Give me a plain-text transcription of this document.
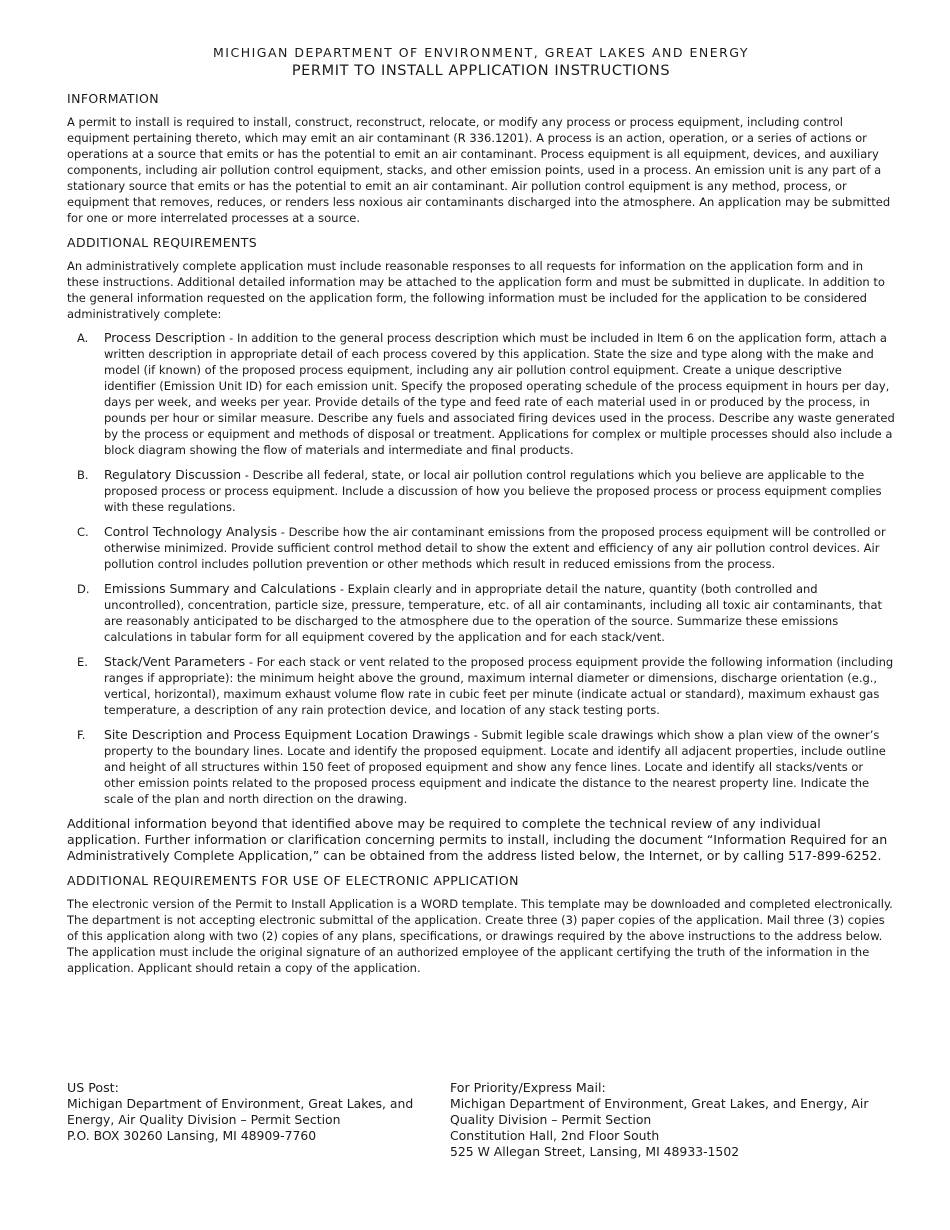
MICHIGAN DEPARTMENT OF ENVIRONMENT, GREAT LAKES AND ENERGY
PERMIT TO INSTALL APPLICATION INSTRUCTIONS
INFORMATION

A permit to install is required to install, construct, reconstruct, relocate, or modify any process or process equipment, including control equipment pertaining thereto, which may emit an air contaminant (R 336.1201). A process is an action, operation, or a series of actions or operations at a source that emits or has the potential to emit an air contaminant. Process equipment is all equipment, devices, and auxiliary components, including air pollution control equipment, stacks, and other emission points, used in a process. An emission unit is any part of a stationary source that emits or has the potential to emit an air contaminant. Air pollution control equipment is any method, process, or equipment that removes, reduces, or renders less noxious air contaminants discharged into the atmosphere. An application may be submitted for one or more interrelated processes at a source.

ADDITIONAL REQUIREMENTS

An administratively complete application must include reasonable responses to all requests for information on the application form and in these instructions. Additional detailed information may be attached to the application form and must be submitted in duplicate. In addition to the general information requested on the application form, the following information must be included for the application to be considered administratively complete:

A.	Process Description - In addition to the general process description which must be included in Item 6 on the application form, attach a written description in appropriate detail of each process covered by this application. State the size and type along with the make and model (if known) of the proposed process equipment, including any air pollution control equipment. Create a unique descriptive identifier (Emission Unit ID) for each emission unit. Specify the proposed operating schedule of the process equipment in hours per day, days per week, and weeks per year. Provide details of the type and feed rate of each material used in or produced by the process, in pounds per hour or similar measure. Describe any fuels and associated firing devices used in the process. Describe any waste generated by the process or equipment and methods of disposal or treatment. Applications for complex or multiple processes should also include a block diagram showing the flow of materials and intermediate and final products.
B.	Regulatory Discussion - Describe all federal, state, or local air pollution control regulations which you believe are applicable to the proposed process or process equipment. Include a discussion of how you believe the proposed process or process equipment complies with these regulations.
C.	Control Technology Analysis - Describe how the air contaminant emissions from the proposed process equipment will be controlled or otherwise minimized. Provide sufficient control method detail to show the extent and efficiency of any air pollution control devices. Air pollution control includes pollution prevention or other methods which result in reduced emissions from the process.
D.	Emissions Summary and Calculations - Explain clearly and in appropriate detail the nature, quantity (both controlled and uncontrolled), concentration, particle size, pressure, temperature, etc. of all air contaminants, including all toxic air contaminants, that are reasonably anticipated to be discharged to the atmosphere due to the operation of the source. Summarize these emissions calculations in tabular form for all equipment covered by the application and for each stack/vent.
E.	Stack/Vent Parameters - For each stack or vent related to the proposed process equipment provide the following information (including ranges if appropriate): the minimum height above the ground, maximum internal diameter or dimensions, discharge orientation (e.g., vertical, horizontal), maximum exhaust volume flow rate in cubic feet per minute (indicate actual or standard), maximum exhaust gas temperature, a description of any rain protection device, and location of any stack testing ports.
F.	Site Description and Process Equipment Location Drawings - Submit legible scale drawings which show a plan view of the owner’s property to the boundary lines. Locate and identify the proposed equipment. Locate and identify all adjacent properties, include outline and height of all structures within 150 feet of proposed equipment and show any fence lines. Locate and identify all stacks/vents or other emission points related to the proposed process equipment and indicate the distance to the nearest property line. Indicate the scale of the plan and north direction on the drawing.

Additional information beyond that identified above may be required to complete the technical review of any individual application. Further information or clarification concerning permits to install, including the document “Information Required for an Administratively Complete Application,” can be obtained from the address listed below, the Internet, or by calling 517-899-6252.

ADDITIONAL REQUIREMENTS FOR USE OF ELECTRONIC APPLICATION

The electronic version of the Permit to Install Application is a WORD template. This template may be downloaded and completed electronically. The department is not accepting electronic submittal of the application. Create three (3) paper copies of the application. Mail three (3) copies of this application along with two (2) copies of any plans, specifications, or drawings required by the above instructions to the address below. The application must include the original signature of an authorized employee of the applicant certifying the truth of the information in the application. Applicant should retain a copy of the application.

US Post:
Michigan Department of Environment, Great Lakes, and Energy, Air Quality Division – Permit Section
P.O. BOX 30260 Lansing, MI 48909-7760
For Priority/Express Mail:
Michigan Department of Environment, Great Lakes, and Energy, Air Quality Division – Permit Section
Constitution Hall, 2nd Floor South
525 W Allegan Street, Lansing, MI 48933-1502
